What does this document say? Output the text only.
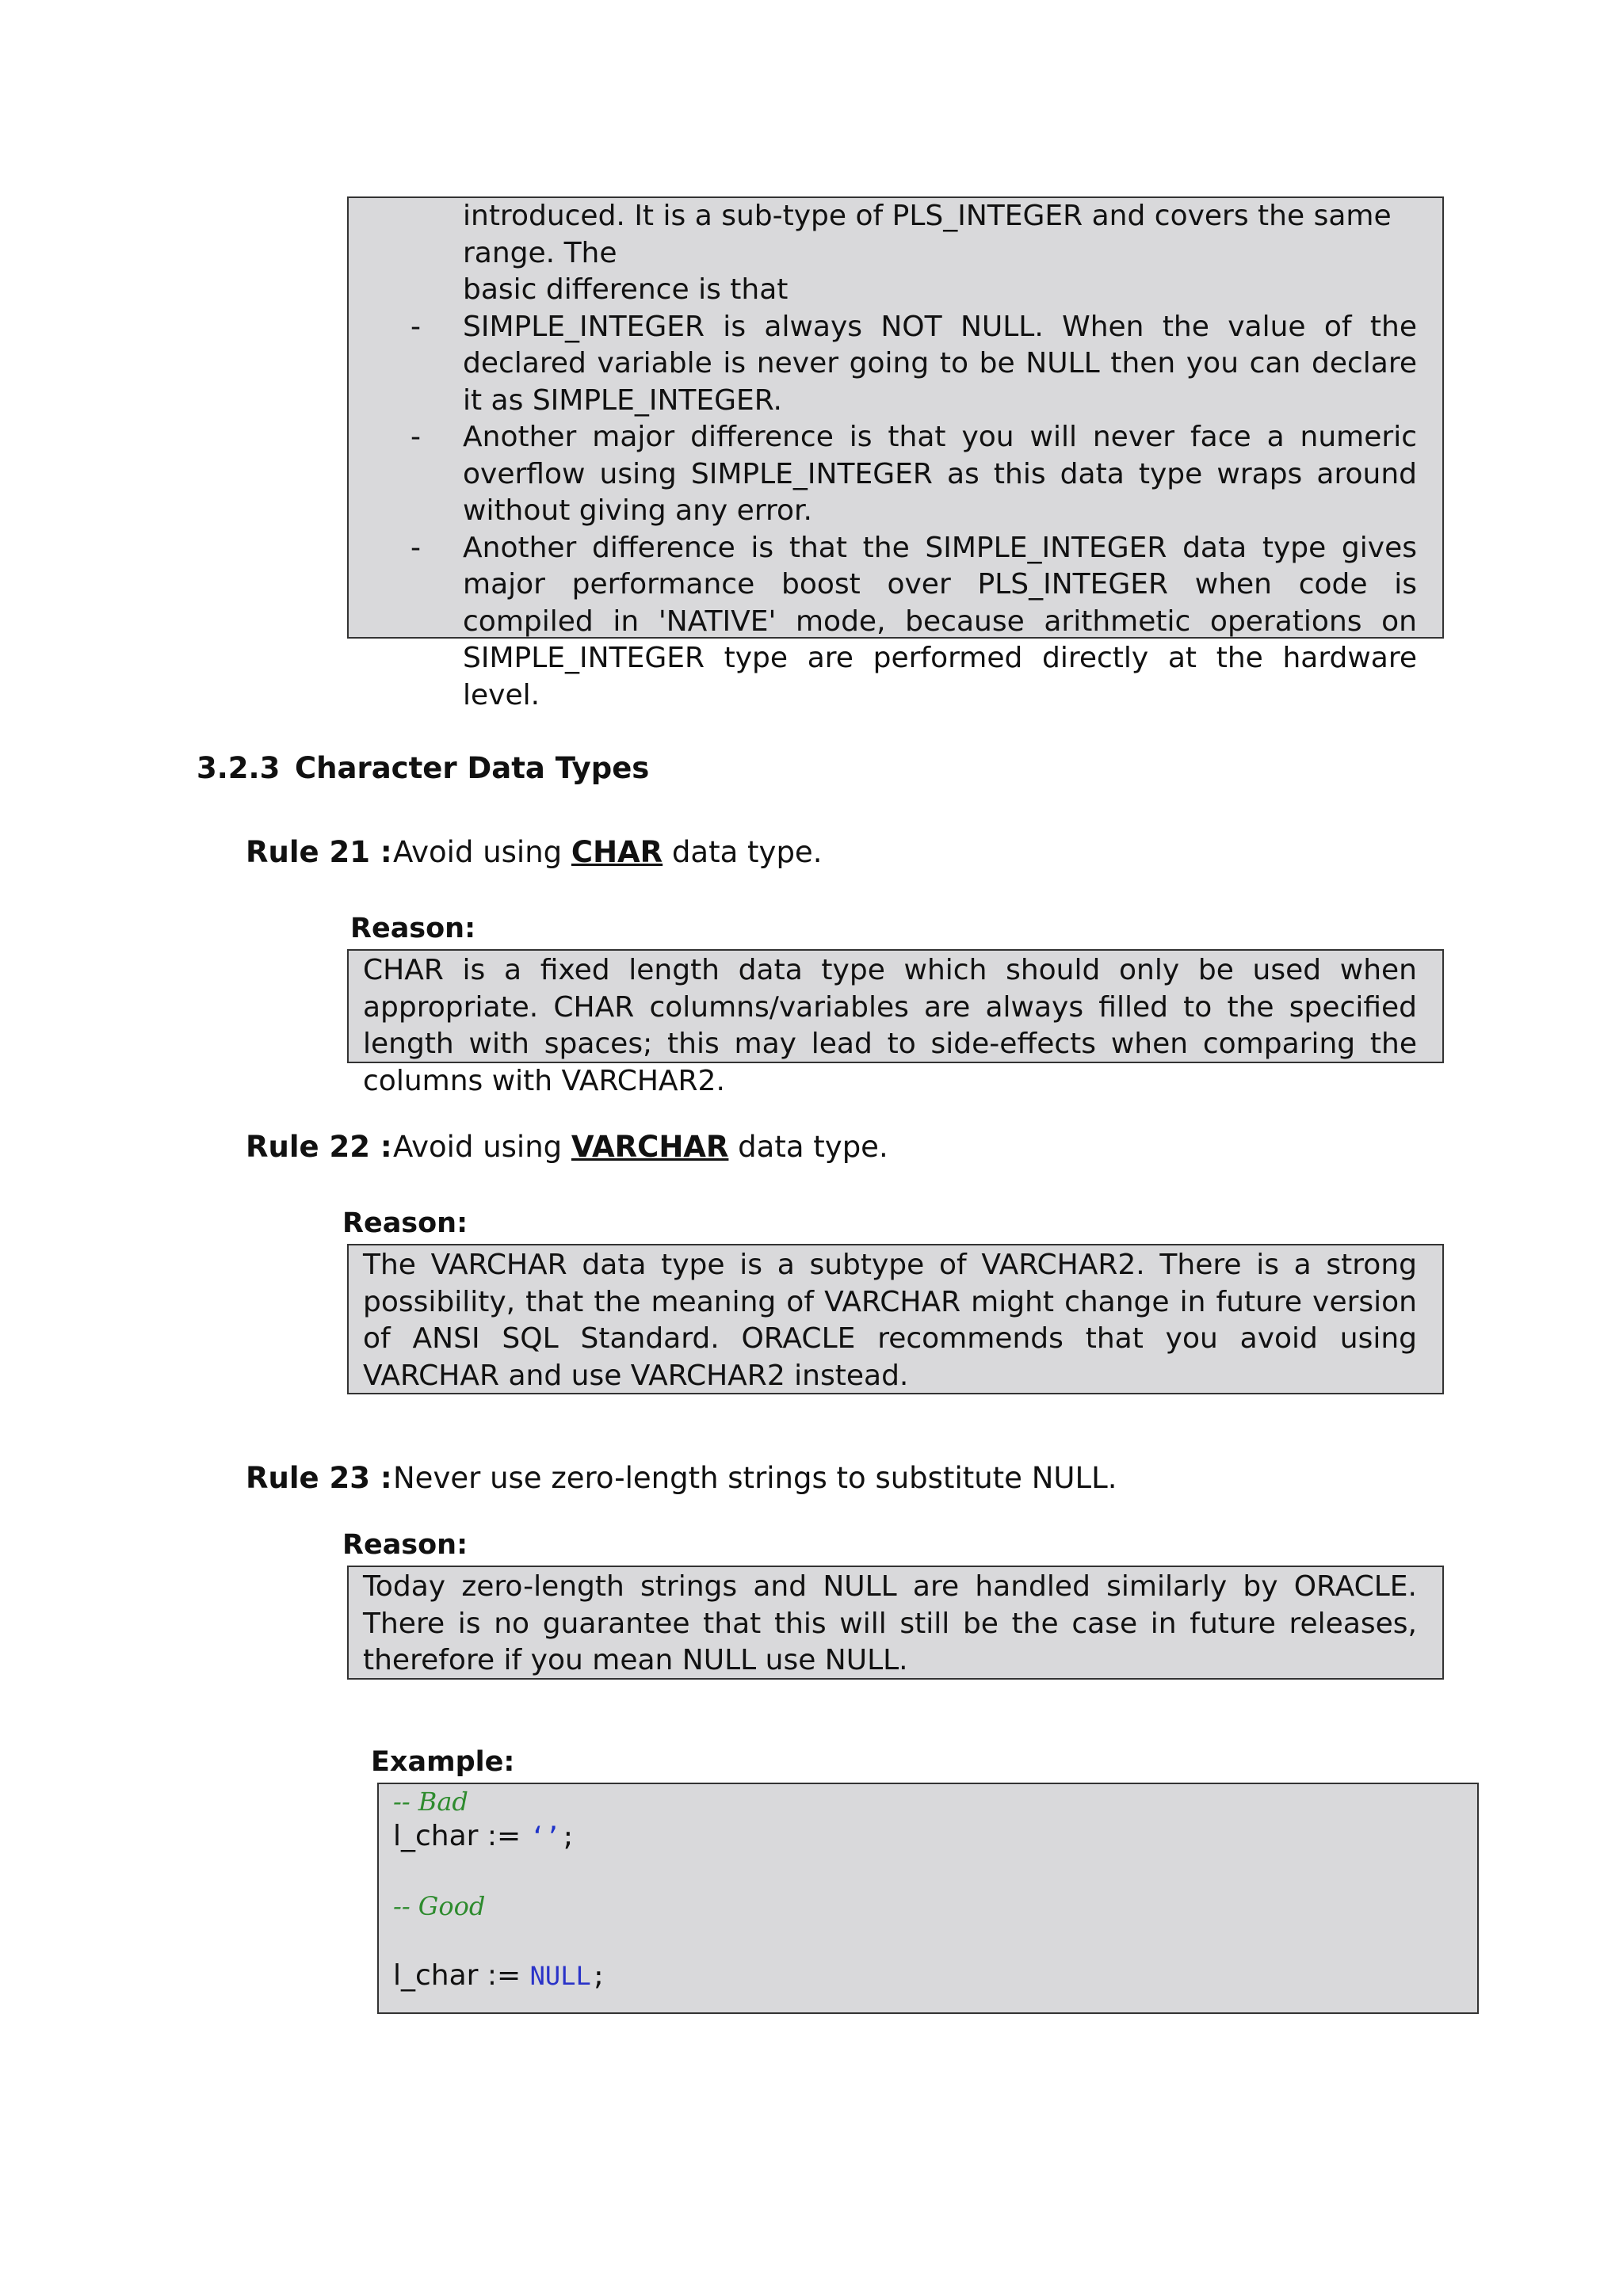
introduced. It is a sub-type of PLS_INTEGER and covers the same range. The

basic difference is that

- SIMPLE_INTEGER is always NOT NULL. When the value of the declared variable is never going to be NULL then you can declare it as SIMPLE_INTEGER.

- Another major difference is that you will never face a numeric overflow using SIMPLE_INTEGER as this data type wraps around without giving any error.

- Another difference is that the SIMPLE_INTEGER data type gives major performance boost over PLS_INTEGER when code is compiled in 'NATIVE' mode, because arithmetic operations on SIMPLE_INTEGER type are performed directly at the hardware level.

3.2.3 Character Data Types
Rule 21 :Avoid using CHAR data type.
Reason:

CHAR is a fixed length data type which should only be used when appropriate. CHAR columns/variables are always filled to the specified length with spaces; this may lead to side-effects when comparing the columns with VARCHAR2.

Rule 22 :Avoid using VARCHAR data type.
Reason:

The VARCHAR data type is a subtype of VARCHAR2. There is a strong possibility, that the meaning of VARCHAR might change in future version of ANSI SQL Standard. ORACLE recommends that you avoid using VARCHAR and use VARCHAR2 instead.

Rule 23 :Never use zero-length strings to substitute NULL.
Reason:

Today zero-length strings and NULL are handled similarly by ORACLE. There is no guarantee that this will still be the case in future releases, therefore if you mean NULL use NULL.

Example:
-- Bad
l_char := ‘’;
-- Good
l_char := NULL;
